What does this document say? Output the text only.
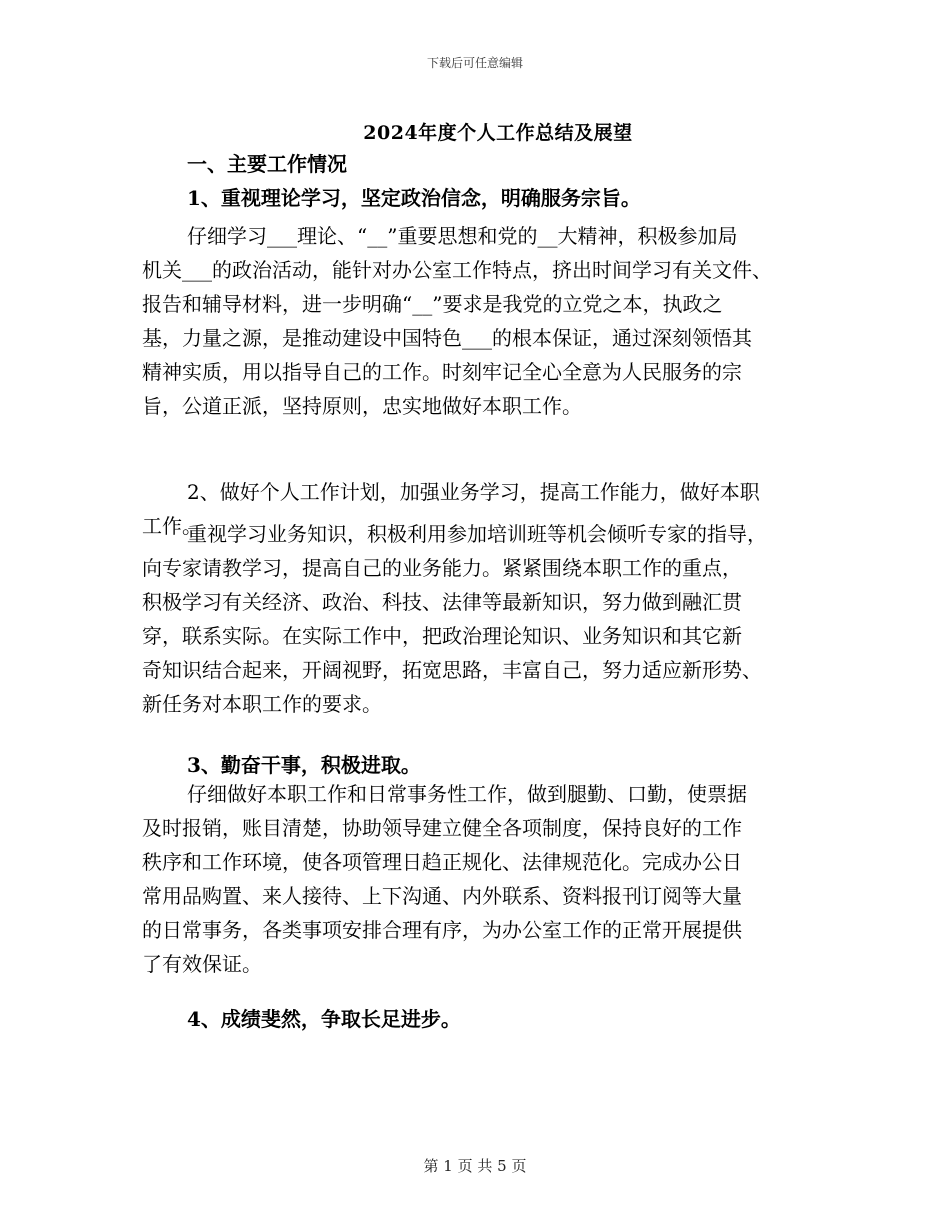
下载后可任意编辑
2024年度个人工作总结及展望
一、主要工作情况
1、重视理论学习，坚定政治信念，明确服务宗旨。
仔细学习___理论、“__”重要思想和党的__大精神，积极参加局
机关___的政治活动，能针对办公室工作特点，挤出时间学习有关文件、
报告和辅导材料，进一步明确“__”要求是我党的立党之本，执政之
基，力量之源，是推动建设中国特色___的根本保证，通过深刻领悟其
精神实质，用以指导自己的工作。时刻牢记全心全意为人民服务的宗
旨，公道正派，坚持原则，忠实地做好本职工作。
2、做好个人工作计划，加强业务学习，提高工作能力，做好本职
工作。
重视学习业务知识，积极利用参加培训班等机会倾听专家的指导，
向专家请教学习，提高自己的业务能力。紧紧围绕本职工作的重点，
积极学习有关经济、政治、科技、法律等最新知识，努力做到融汇贯
穿，联系实际。在实际工作中，把政治理论知识、业务知识和其它新
奇知识结合起来，开阔视野，拓宽思路，丰富自己，努力适应新形势、
新任务对本职工作的要求。
3、勤奋干事，积极进取。
仔细做好本职工作和日常事务性工作，做到腿勤、口勤，使票据
及时报销，账目清楚，协助领导建立健全各项制度，保持良好的工作
秩序和工作环境，使各项管理日趋正规化、法律规范化。完成办公日
常用品购置、来人接待、上下沟通、内外联系、资料报刊订阅等大量
的日常事务，各类事项安排合理有序，为办公室工作的正常开展提供
了有效保证。
4、成绩斐然，争取长足进步。
第 1 页 共 5 页
